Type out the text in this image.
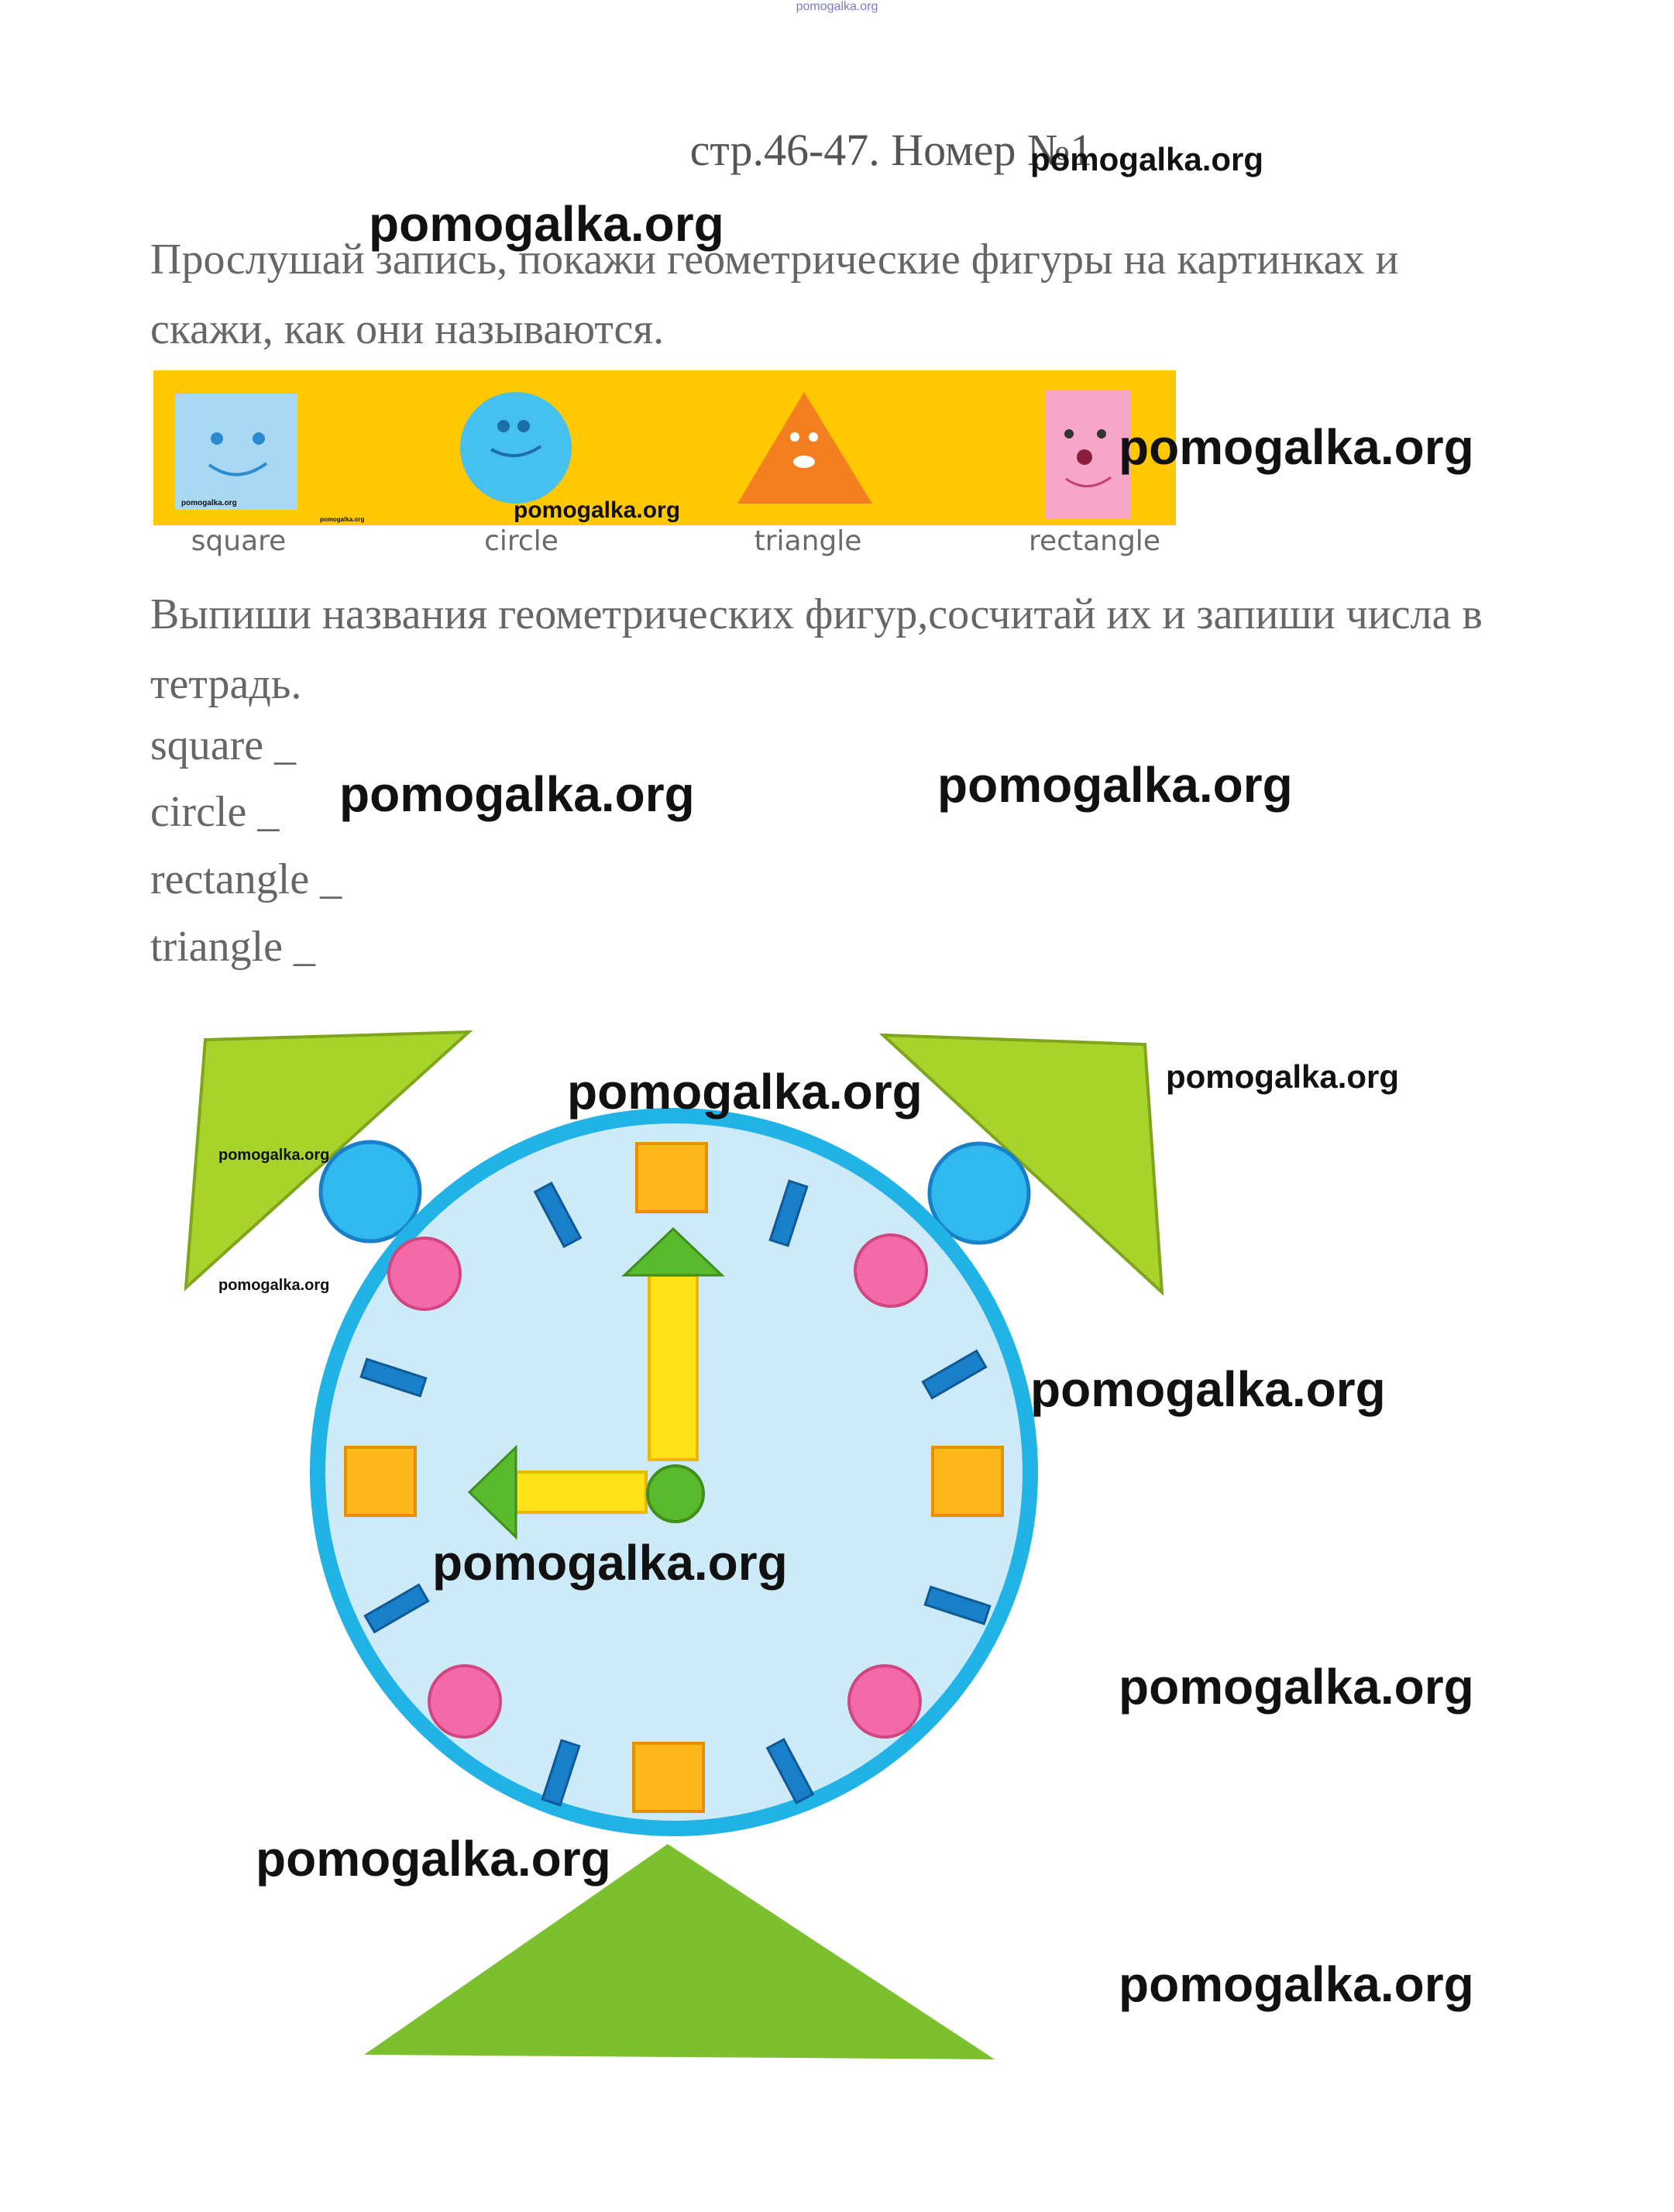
pomogalka.org
стр.46-47. Номер №1
pomogalka.org
pomogalka.org
Прослушай запись, покажи геометрические фигуры на картинках и скажи, как они называются.
square	circle	triangle	rectangle
pomogalka.org
pomogalka.org	pomogalka.org
pomogalka.org
Выпиши названия геометрических фигур,сосчитай их и запиши числа в тетрадь.
square _
circle _
rectangle _
triangle _
pomogalka.org	pomogalka.org
pomogalka.org	pomogalka.org
pomogalka.org
pomogalka.org
pomogalka.org
pomogalka.org
pomogalka.org
pomogalka.org
pomogalka.org
